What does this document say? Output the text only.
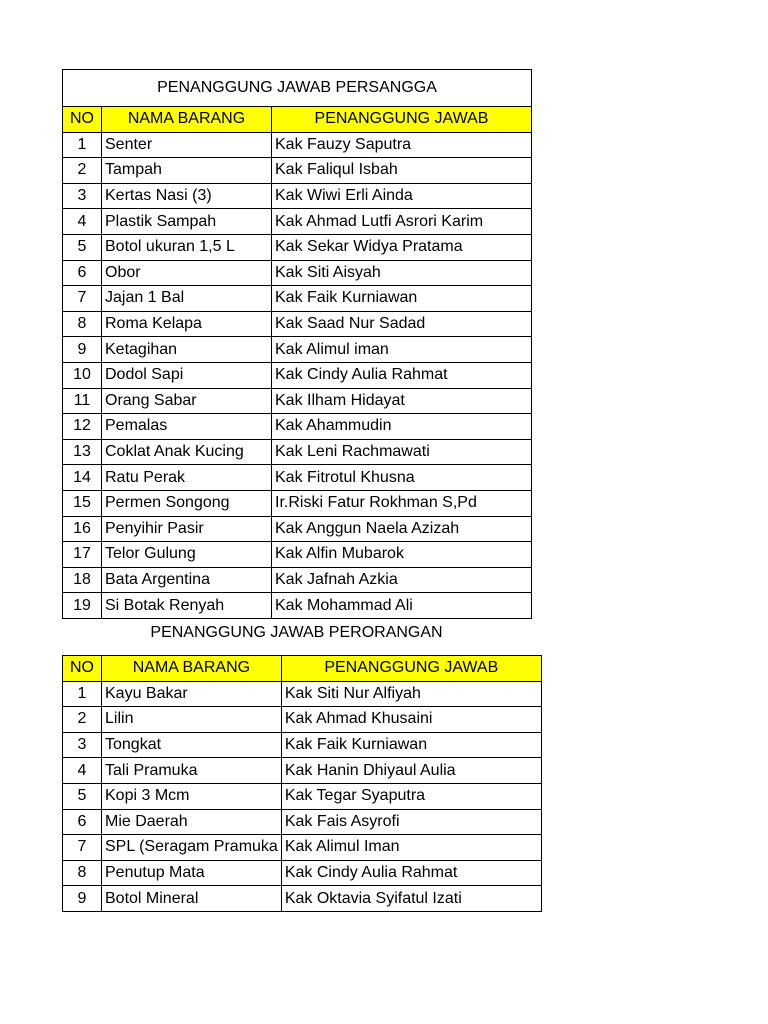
PENANGGUNG JAWAB PERSANGGA		
NO	NAMA BARANG	PENANGGUNG JAWAB
1	Senter	Kak Fauzy Saputra
2	Tampah	Kak Faliqul Isbah
3	Kertas Nasi (3)	Kak Wiwi Erli Ainda
4	Plastik Sampah	Kak Ahmad Lutfi Asrori Karim
5	Botol ukuran 1,5 L	Kak Sekar Widya Pratama
6	Obor	Kak Siti Aisyah
7	Jajan 1 Bal	Kak Faik Kurniawan
8	Roma Kelapa	Kak Saad Nur Sadad
9	Ketagihan	Kak Alimul iman
10	Dodol Sapi	Kak Cindy Aulia Rahmat
11	Orang Sabar	Kak Ilham Hidayat
12	Pemalas	Kak Ahammudin
13	Coklat Anak Kucing	Kak Leni Rachmawati
14	Ratu Perak	Kak Fitrotul Khusna
15	Permen Songong	Ir.Riski Fatur Rokhman S,Pd
16	Penyihir Pasir	Kak Anggun Naela Azizah
17	Telor Gulung	Kak Alfin Mubarok
18	Bata Argentina	Kak Jafnah Azkia
19	Si Botak Renyah	Kak Mohammad Ali
PENANGGUNG JAWAB PERORANGAN
NO	NAMA BARANG	PENANGGUNG JAWAB
1	Kayu Bakar	Kak Siti Nur Alfiyah
2	Lilin	Kak Ahmad Khusaini
3	Tongkat	Kak Faik Kurniawan
4	Tali Pramuka	Kak Hanin Dhiyaul Aulia
5	Kopi 3 Mcm	Kak Tegar Syaputra
6	Mie Daerah	Kak Fais Asyrofi
7	SPL (Seragam Pramuka	Kak Alimul Iman
8	Penutup Mata	Kak Cindy Aulia Rahmat
9	Botol Mineral	Kak Oktavia Syifatul Izati
